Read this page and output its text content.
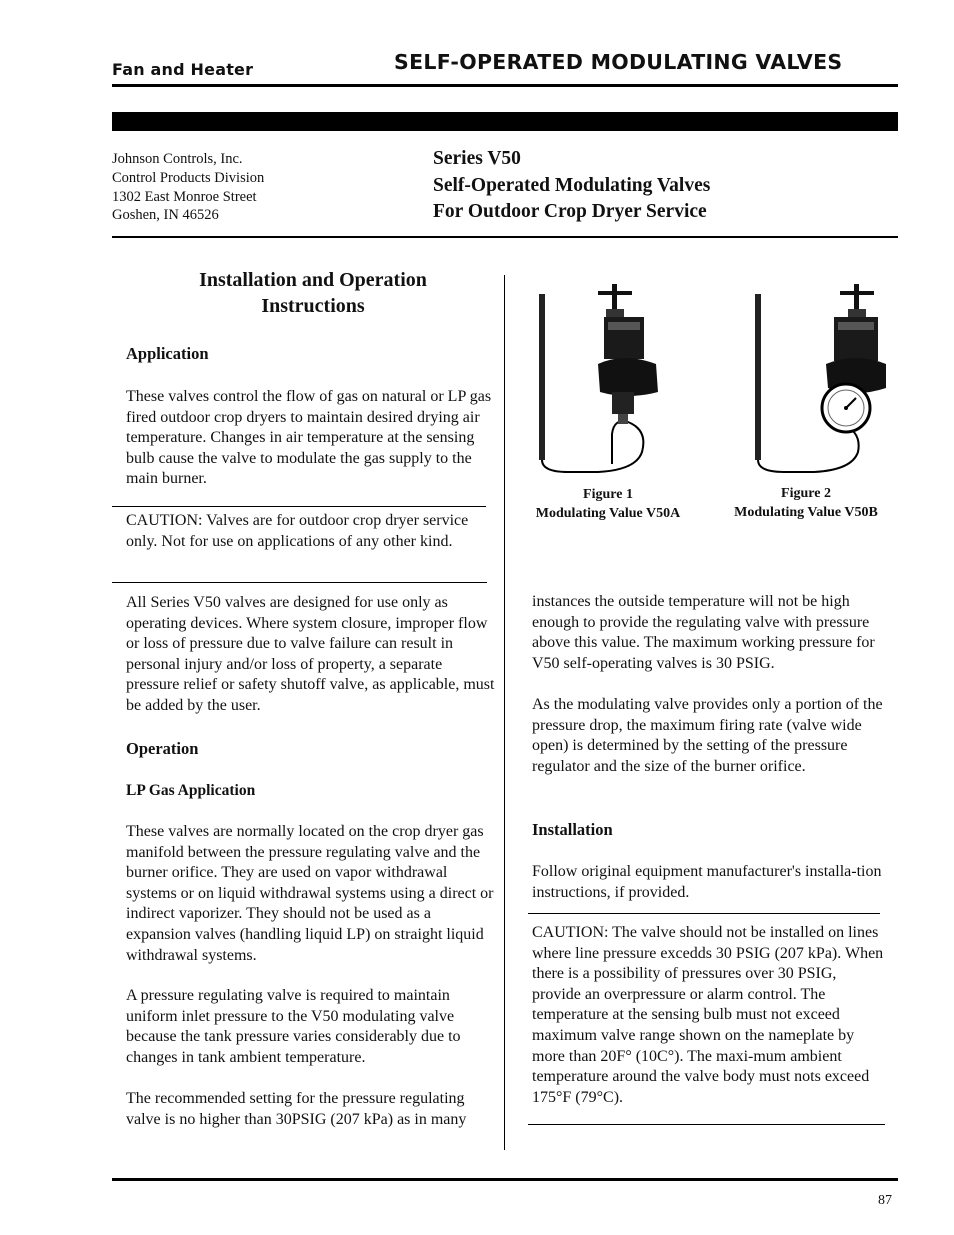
Fan and Heater	SELF-OPERATED MODULATING VALVES
Johnson Controls, Inc.
Control Products Division
1302 East Monroe Street
Goshen, IN 46526
Series V50
Self-Operated Modulating Valves
For Outdoor Crop Dryer Service
Installation and Operation
Instructions
Application
These valves control the flow of gas on natural or LP gas fired outdoor crop dryers to maintain desired drying air temperature. Changes in air temperature at the sensing bulb cause the valve to modulate the gas supply to the main burner.
CAUTION: Valves are for outdoor crop dryer service only. Not for use on applications of any other kind.
All Series V50 valves are designed for use only as operating devices. Where system closure, improper flow or loss of pressure due to valve failure can result in personal injury and/or loss of property, a separate pressure relief or safety shutoff valve, as applicable, must be added by the user.
Operation
LP Gas Application
These valves are normally located on the crop dryer gas manifold between the pressure regulating valve and the burner orifice. They are used on vapor withdrawal systems or on liquid withdrawal systems using a direct or indirect vaporizer. They should not be used as a expansion valves (handling liquid LP) on straight liquid withdrawal systems.
A pressure regulating valve is required to maintain uniform inlet pressure to the V50 modulating valve because the tank pressure varies considerably due to changes in tank ambient temperature.
The recommended setting for the pressure regulating valve is no higher than 30PSIG (207 kPa) as in many
Figure 1
Modulating Value V50A
Figure 2
Modulating Value V50B
instances the outside temperature will not be high enough to provide the regulating valve with pressure above this value. The maximum working pressure for V50 self-operating valves is 30 PSIG.
As the modulating valve provides only a portion of the pressure drop, the maximum firing rate (valve wide open) is determined by the setting of the pressure regulator and the size of the burner orifice.
Installation
Follow original equipment manufacturer's installa-tion instructions, if provided.
CAUTION: The valve should not be installed on lines where line pressure excedds 30 PSIG (207 kPa). When there is a possibility of pressures over 30 PSIG, provide an overpressure or alarm control. The temperature at the sensing bulb must not exceed maximum valve range shown on the nameplate by more than 20F° (10C°). The maxi-mum ambient temperature around the valve body must nots exceed 175°F (79°C).
87
